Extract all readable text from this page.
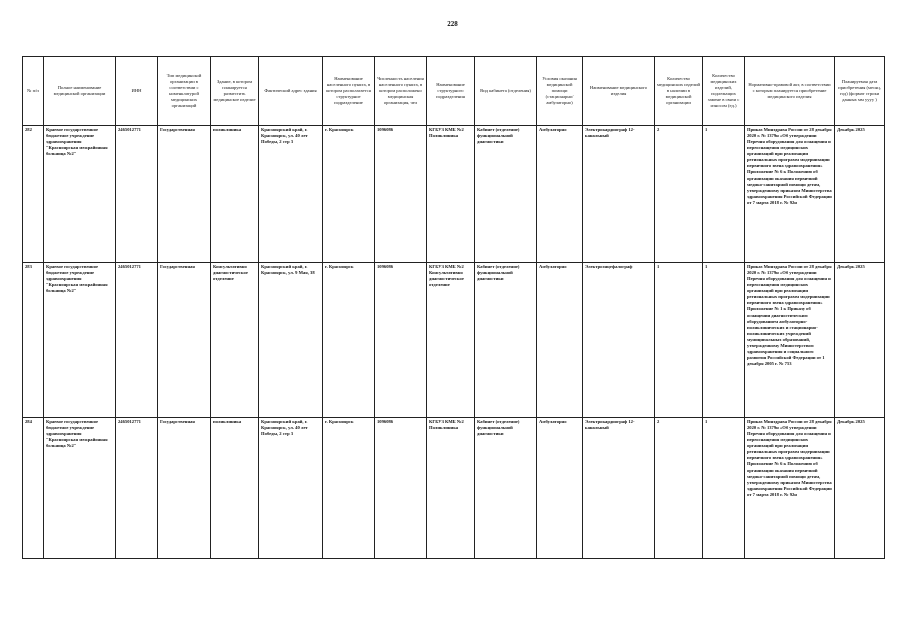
228
№ п/п	Полное наименование медицинской организации	ИНН	Тип медицинской организации в соответствии с номенклатурой медицинских организаций	Здание, в котором планируется разместить медицинское изделие	Фактический адрес здания	Наименование населенного пункта, в котором располагается структурное подразделение	Численность населения населенного пункта, в котором расположено медицинская организация, чел	Наименование структурного подразделения	Вид кабинета (отделения)	Условия оказания медицинской помощи (стационарно/ амбулаторно)	Наименование медицинского изделия	Количество медицинских изделий в наличии в медицинской организации	Количество медицинских изделий, подлежащих замене в связи с износом (ед.)	Нормативно-правовой акт, в соответствии с которым планируется приобретение медицинского изделия	Планируемая дата приобретения (месяц, год) (формат строки данных мм уууу )
282	Краевое государственное бюджетное учреждение здравоохранения "Красноярская межрайонная больница №2"	2465012771	Государственная	поликлиника	Красноярский край, г. Красноярск, ул. 40 лет Победы, 2 стр 3	г. Красноярск	1096086	КГБУЗ КМБ №2 Поликлиника	Кабинет (отделение) функциональной диагностики	Амбулаторно	Электрокардиограф 12-канальный	2	1	Приказ Минздрава России от 28 декабря 2020 г. № 1379н «Об утверждении Перечня оборудования для оснащения и переоснащения медицинских организаций при реализации региональных программ модернизации первичного звена здравоохранения» Приложение № 6 к Положению об организации оказания первичной медико-санитарной помощи детям, утвержденному приказом Министерства здравоохранения Российской Федерации от 7 марта 2018 г. № 92н	Декабрь 2025
283	Краевое государственное бюджетное учреждение здравоохранения "Красноярская межрайонная больница №2"	2465012771	Государственная	Консультативно диагностическое отделение	Красноярский край, г. Красноярск, ул. 9 Мая, 38	г. Красноярск	1096086	КГБУЗ КМБ №2 Консультативно диагностическое отделение	Кабинет (отделение) функциональной диагностики	Амбулаторно	Электроэнцефалограф	1	1	Приказ Минздрава России от 28 декабря 2020 г. № 1379н «Об утверждении Перечня оборудования для оснащения и переоснащения медицинских организаций при реализации региональных программ модернизации первичного звена здравоохранения» Приложение № 1 к Приказу об оснащении диагностическим оборудованием амбулаторно-поликлинических и стационарно-поликлинических учреждений муниципальных образований, утвержденному Министерством здравоохранения и социального развития Российской Федерации от 1 декабря 2005 г. № 753	Декабрь 2025
284	Краевое государственное бюджетное учреждение здравоохранения "Красноярская межрайонная больница №2"	2465012771	Государственная	поликлиника	Красноярский край, г. Красноярск, ул. 40 лет Победы, 2 стр 3	г. Красноярск	1096086	КГБУЗ КМБ №2 Поликлиника	Кабинет (отделение) функциональной диагностики	Амбулаторно	Электрокардиограф 12-канальный	2	1	Приказ Минздрава России от 28 декабря 2020 г. № 1379н «Об утверждении Перечня оборудования для оснащения и переоснащения медицинских организаций при реализации региональных программ модернизации первичного звена здравоохранения» Приложение № 6 к Положению об организации оказания первичной медико-санитарной помощи детям, утвержденному приказом Министерства здравоохранения Российской Федерации от 7 марта 2018 г. № 92н	Декабрь 2025
